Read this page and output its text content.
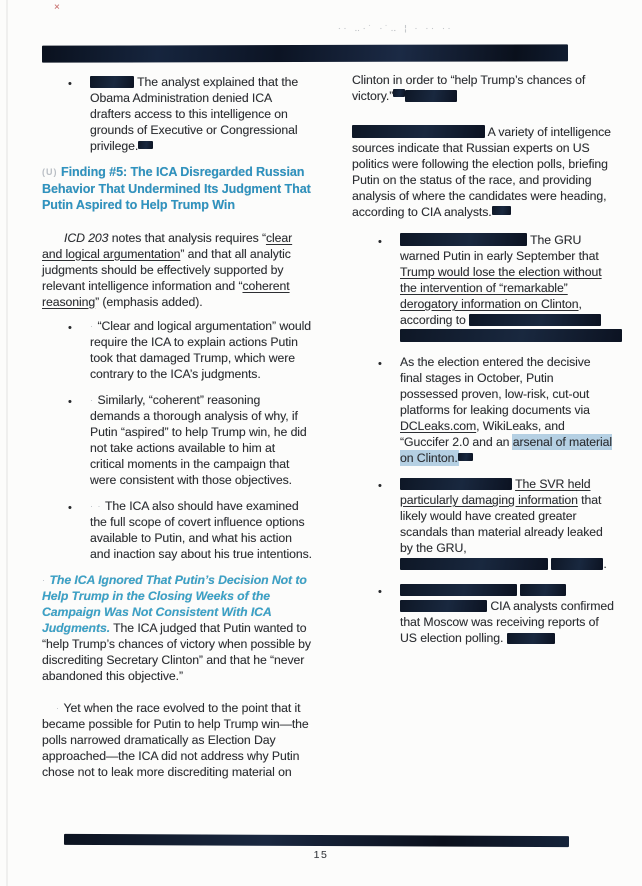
×
·· ‥·˙ ·˙‥ ¦ · ·· ··
•
The analyst explained that the Obama Administration denied ICA drafters access to this intelligence on grounds of Executive or Congressional privilege.
(U) Finding #5: The ICA Disregarded Russian Behavior That Undermined Its Judgment That Putin Aspired to Help Trump Win

ICD 203 notes that analysis requires “clear and logical argumentation” and that all analytic judgments should be effectively supported by relevant intelligence information and “coherent reasoning” (emphasis added).

•
· “Clear and logical argumentation” would require the ICA to explain actions Putin took that damaged Trump, which were contrary to the ICA’s judgments.
•
· Similarly, “coherent” reasoning demands a thorough analysis of why, if Putin “aspired” to help Trump win, he did not take actions available to him at critical moments in the campaign that were consistent with those objectives.
•
· · The ICA also should have examined the full scope of covert influence options available to Putin, and what his action and inaction say about his true intentions.

· The ICA Ignored That Putin’s Decision Not to Help Trump in the Closing Weeks of the Campaign Was Not Consistent With ICA Judgments. The ICA judged that Putin wanted to “help Trump’s chances of victory when possible by discrediting Secretary Clinton” and that he “never abandoned this objective.”

· Yet when the race evolved to the point that it became possible for Putin to help Trump win—the polls narrowed dramatically as Election Day approached—the ICA did not address why Putin chose not to leak more discrediting material on

Clinton in order to “help Trump’s chances of victory.”

A variety of intelligence sources indicate that Russian experts on US politics were following the election polls, briefing Putin on the status of the race, and providing analysis of where the candidates were heading, according to CIA analysts.

•
The GRU warned Putin in early September that Trump would lose the election without the intervention of “remarkable” derogatory information on Clinton, according to
•
As the election entered the decisive final stages in October, Putin possessed proven, low-risk, cut-out platforms for leaking documents via DCLeaks.com, WikiLeaks, and “Guccifer 2.0 and an arsenal of material on Clinton.
•
The SVR held particularly damaging information that likely would have created greater scandals than material already leaked by the GRU,  .
•
CIA analysts confirmed that Moscow was receiving reports of US election polling.
15
